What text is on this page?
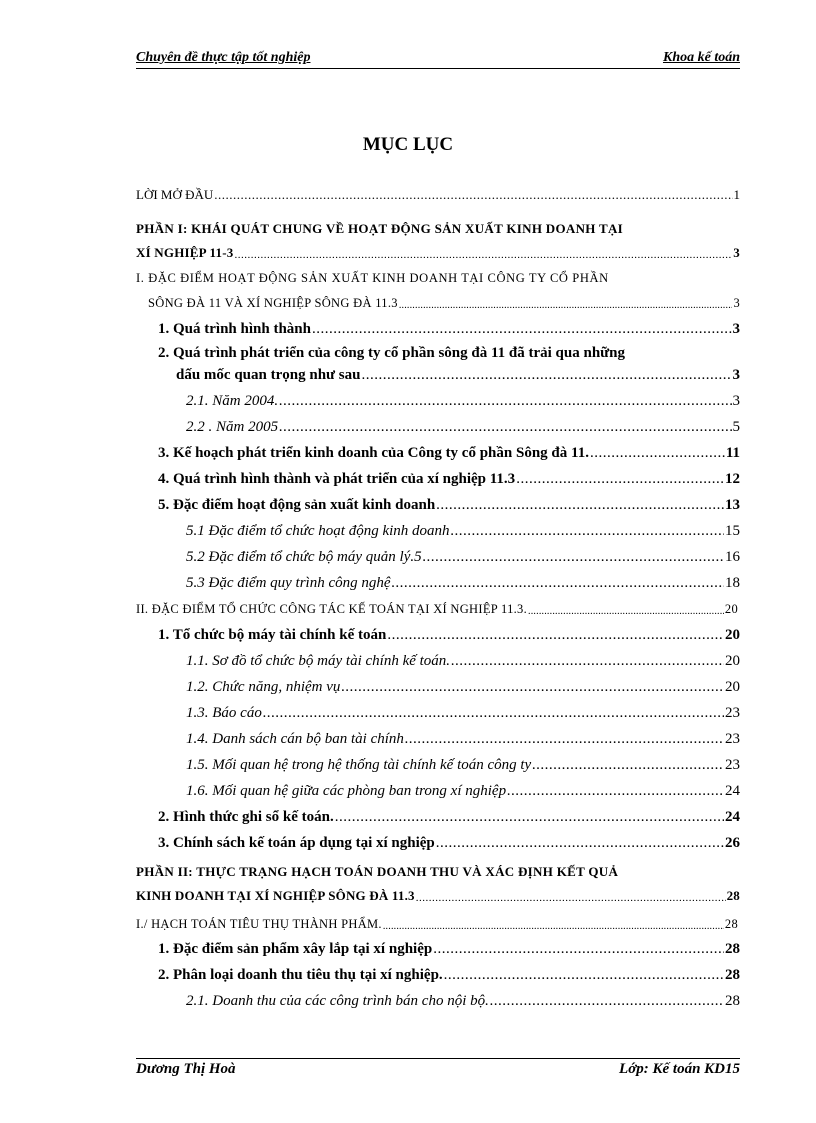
Chuyên đề thực tập tốt nghiệp	Khoa kế toán
MỤC LỤC
LỜI MỞ ĐẦU .....	1
PHẦN I: KHÁI QUÁT CHUNG VỀ HOẠT ĐỘNG SẢN XUẤT KINH DOANH TẠI
XÍ NGHIỆP 11-3 .....	3
I. ĐẶC ĐIỂM HOẠT ĐỘNG SẢN XUẤT KINH DOANH TẠI CÔNG TY CỔ PHẦN
SÔNG ĐÀ 11 VÀ XÍ NGHIỆP SÔNG ĐÀ 11.3 .....	3
1. Quá trình hình thành .....	3
2. Quá trình phát triển của công ty cổ phần sông đà 11 đã trải qua những
dấu mốc quan trọng như sau .....	3
2.1. Năm 2004. .....	3
2.2 . Năm 2005 .....	5
3. Kế hoạch phát triển kinh doanh của Công ty cổ phần Sông đà 11. .....	11
4. Quá trình hình thành và phát triển của xí nghiệp 11.3 .....	12
5. Đặc điểm hoạt động sản xuất kinh doanh .....	13
5.1 Đặc điểm tổ chức hoạt động kinh doanh .....	15
5.2 Đặc điểm tổ chức bộ máy quản lý.5 .....	16
5.3 Đặc điểm quy trình công nghệ .....	18
II. ĐẶC ĐIỂM TỔ CHỨC CÔNG TÁC KẾ TOÁN TẠI XÍ NGHIỆP 11.3. .....	20
1. Tổ chức bộ máy tài chính kế toán .....	20
1.1. Sơ đồ tổ chức bộ máy tài chính kế toán. .....	20
1.2. Chức năng, nhiệm vụ .....	20
1.3. Báo cáo .....	23
1.4. Danh sách cán bộ ban tài chính .....	23
1.5. Mối quan hệ trong hệ thống tài chính kế toán công ty .....	23
1.6. Mối quan hệ giữa các phòng ban trong xí nghiệp .....	24
2. Hình thức ghi sổ kế toán. .....	24
3. Chính sách kế toán áp dụng tại xí nghiệp .....	26
PHẦN II: THỰC TRẠNG HẠCH TOÁN DOANH THU VÀ XÁC ĐỊNH KẾT QUẢ
KINH DOANH TẠI XÍ NGHIỆP SÔNG ĐÀ 11.3 .....	28
I./ HẠCH TOÁN TIÊU THỤ THÀNH PHẨM. .....	28
1. Đặc điểm sản phẩm xây lắp tại xí nghiệp .....	28
2. Phân loại doanh thu tiêu thụ tại xí nghiệp. .....	28
2.1. Doanh thu của các công trình bán cho nội bộ. .....	28
Dương Thị Hoà	Lớp: Kế toán KD15
